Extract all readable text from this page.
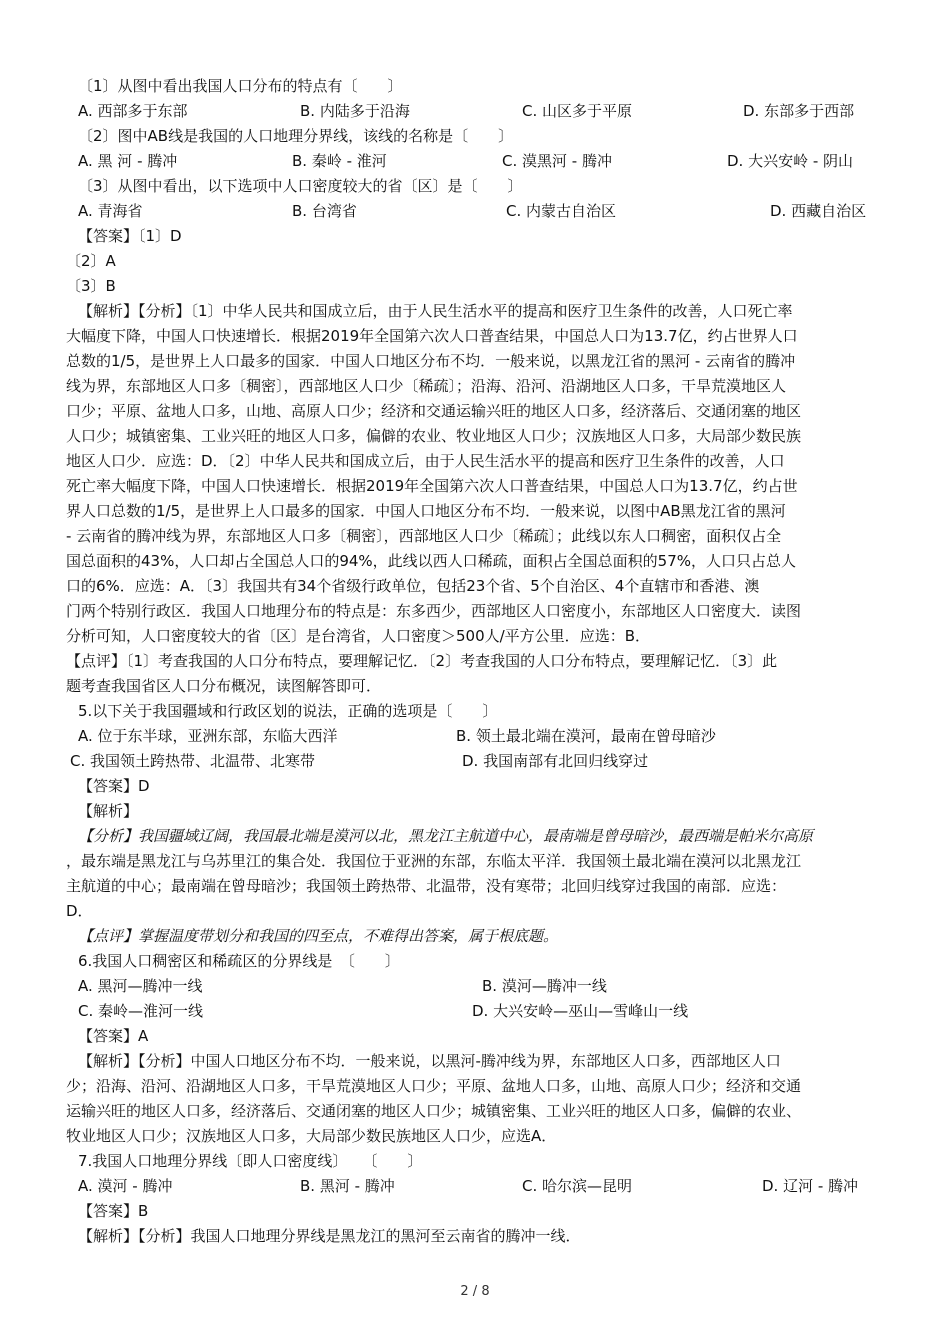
〔1〕从图中看出我国人口分布的特点有〔　　〕
A. 西部多于东部	B. 内陆多于沿海	C. 山区多于平原	D. 东部多于西部
〔2〕图中AB线是我国的人口地理分界线，该线的名称是〔　　〕
A. 黑 河 - 腾冲	B. 秦岭 - 淮河	C. 漠黑河 - 腾冲	D. 大兴安岭 - 阴山
〔3〕从图中看出，以下选项中人口密度较大的省〔区〕是〔　　〕
A. 青海省	B. 台湾省	C. 内蒙古自治区	D. 西藏自治区
【答案】〔1〕D
〔2〕A
〔3〕B
【解析】【分析】〔1〕中华人民共和国成立后，由于人民生活水平的提高和医疗卫生条件的改善，人口死亡率
大幅度下降，中国人口快速增长．根据2019年全国第六次人口普查结果，中国总人口为13.7亿，约占世界人口
总数的1/5，是世界上人口最多的国家．中国人口地区分布不均．一般来说，以黑龙江省的黑河 - 云南省的腾冲
线为界，东部地区人口多〔稠密〕，西部地区人口少〔稀疏〕；沿海、沿河、沿湖地区人口多，干旱荒漠地区人
口少；平原、盆地人口多，山地、高原人口少；经济和交通运输兴旺的地区人口多，经济落后、交通闭塞的地区
人口少；城镇密集、工业兴旺的地区人口多，偏僻的农业、牧业地区人口少；汉族地区人口多，大局部少数民族
地区人口少．应选：D．〔2〕中华人民共和国成立后，由于人民生活水平的提高和医疗卫生条件的改善，人口
死亡率大幅度下降，中国人口快速增长．根据2019年全国第六次人口普查结果，中国总人口为13.7亿，约占世
界人口总数的1/5，是世界上人口最多的国家．中国人口地区分布不均．一般来说，以图中AB黑龙江省的黑河
- 云南省的腾冲线为界，东部地区人口多〔稠密〕，西部地区人口少〔稀疏〕；此线以东人口稠密，面积仅占全
国总面积的43%，人口却占全国总人口的94%，此线以西人口稀疏，面积占全国总面积的57%，人口只占总人
口的6%．应选：A．〔3〕我国共有34个省级行政单位，包括23个省、5个自治区、4个直辖市和香港、澳
门两个特别行政区．我国人口地理分布的特点是：东多西少，西部地区人口密度小，东部地区人口密度大．读图
分析可知，人口密度较大的省〔区〕是台湾省，人口密度＞500人/平方公里．应选：B．
【点评】〔1〕考查我国的人口分布特点，要理解记忆．〔2〕考查我国的人口分布特点，要理解记忆．〔3〕此
题考查我国省区人口分布概况，读图解答即可．
5.以下关于我国疆域和行政区划的说法，正确的选项是〔　　〕
A. 位于东半球，亚洲东部，东临大西洋	B. 领土最北端在漠河，最南在曾母暗沙
C. 我国领土跨热带、北温带、北寒带	D. 我国南部有北回归线穿过
【答案】D
【解析】
【分析】我国疆域辽阔，我国最北端是漠河以北，黑龙江主航道中心，最南端是曾母暗沙，最西端是帕米尔高原
，最东端是黑龙江与乌苏里江的集合处．我国位于亚洲的东部，东临太平洋．我国领土最北端在漠河以北黑龙江
主航道的中心；最南端在曾母暗沙；我国领土跨热带、北温带，没有寒带；北回归线穿过我国的南部．应选：
D．
【点评】掌握温度带划分和我国的四至点，不难得出答案，属于根底题。
6.我国人口稠密区和稀疏区的分界线是　〔　　〕
A. 黑河—腾冲一线	B. 漠河—腾冲一线
C. 秦岭—淮河一线	D. 大兴安岭—巫山—雪峰山一线
【答案】A
【解析】【分析】中国人口地区分布不均．一般来说，以黑河-腾冲线为界，东部地区人口多，西部地区人口
少；沿海、沿河、沿湖地区人口多，干旱荒漠地区人口少；平原、盆地人口多，山地、高原人口少；经济和交通
运输兴旺的地区人口多，经济落后、交通闭塞的地区人口少；城镇密集、工业兴旺的地区人口多，偏僻的农业、
牧业地区人口少；汉族地区人口多，大局部少数民族地区人口少，应选A．
7.我国人口地理分界线〔即人口密度线〕　　〔　　〕
A. 漠河 - 腾冲	B. 黑河 - 腾冲	C. 哈尔滨—昆明	D. 辽河 - 腾冲
【答案】B
【解析】【分析】我国人口地理分界线是黑龙江的黑河至云南省的腾冲一线．
2 / 8
